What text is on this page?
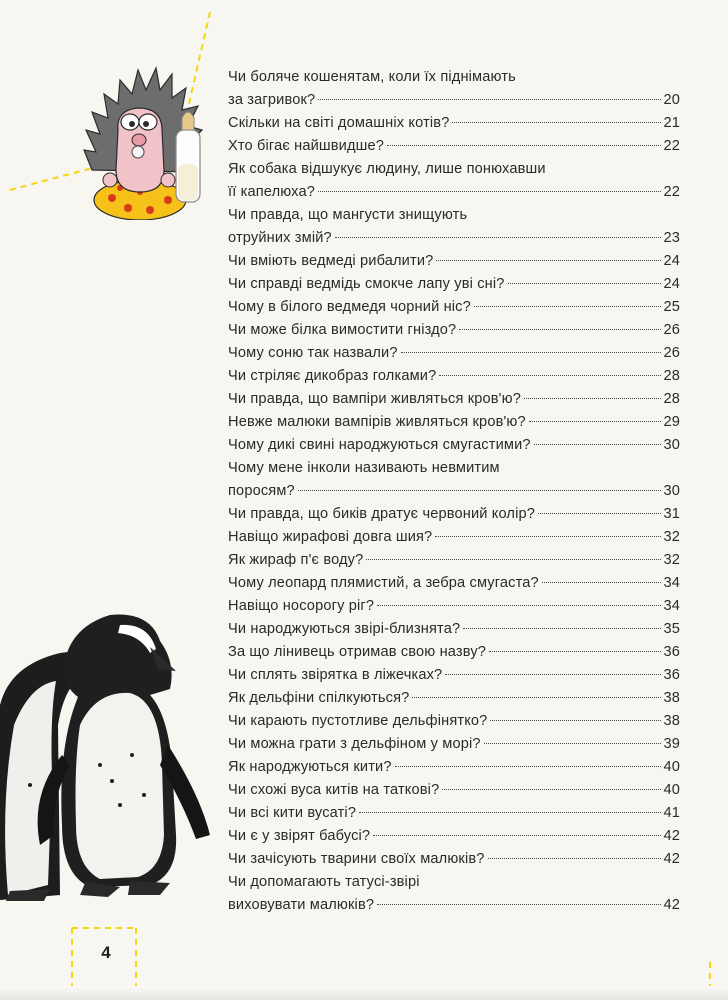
Чи боляче кошенятам, коли їх піднімають
за загривок?	20
Скільки на світі домашніх котів?	21
Хто бігає найшвидше?	22
Як собака відшукує людину, лише понюхавши
її капелюха?	22
Чи правда, що мангусти знищують
отруйних змій?	23
Чи вміють ведмеді рибалити?	24
Чи справді ведмідь смокче лапу уві сні?	24
Чому в білого ведмедя чорний ніс?	25
Чи може білка вимостити гніздо?	26
Чому соню так назвали?	26
Чи стріляє дикобраз голками?	28
Чи правда, що вампіри живляться кров'ю?	28
Невже малюки вампірів живляться кров'ю?	29
Чому дикі свині народжуються смугастими?	30
Чому мене інколи називають невмитим
поросям?	30
Чи правда, що биків дратує червоний колір?	31
Навіщо жирафові довга шия?	32
Як жираф п'є воду?	32
Чому леопард плямистий, а зебра смугаста?	34
Навіщо носорогу ріг?	34
Чи народжуються звірі-близнята?	35
За що лінивець отримав свою назву?	36
Чи сплять звірятка в ліжечках?	36
Як дельфіни спілкуються?	38
Чи карають пустотливе дельфінятко?	38
Чи можна грати з дельфіном у морі?	39
Як народжуються кити?	40
Чи схожі вуса китів на таткові?	40
Чи всі кити вусаті?	41
Чи є у звірят бабусі?	42
Чи зачісують тварини своїх малюків?	42
Чи допомагають татусі-звірі
виховувати малюків?	42
4
